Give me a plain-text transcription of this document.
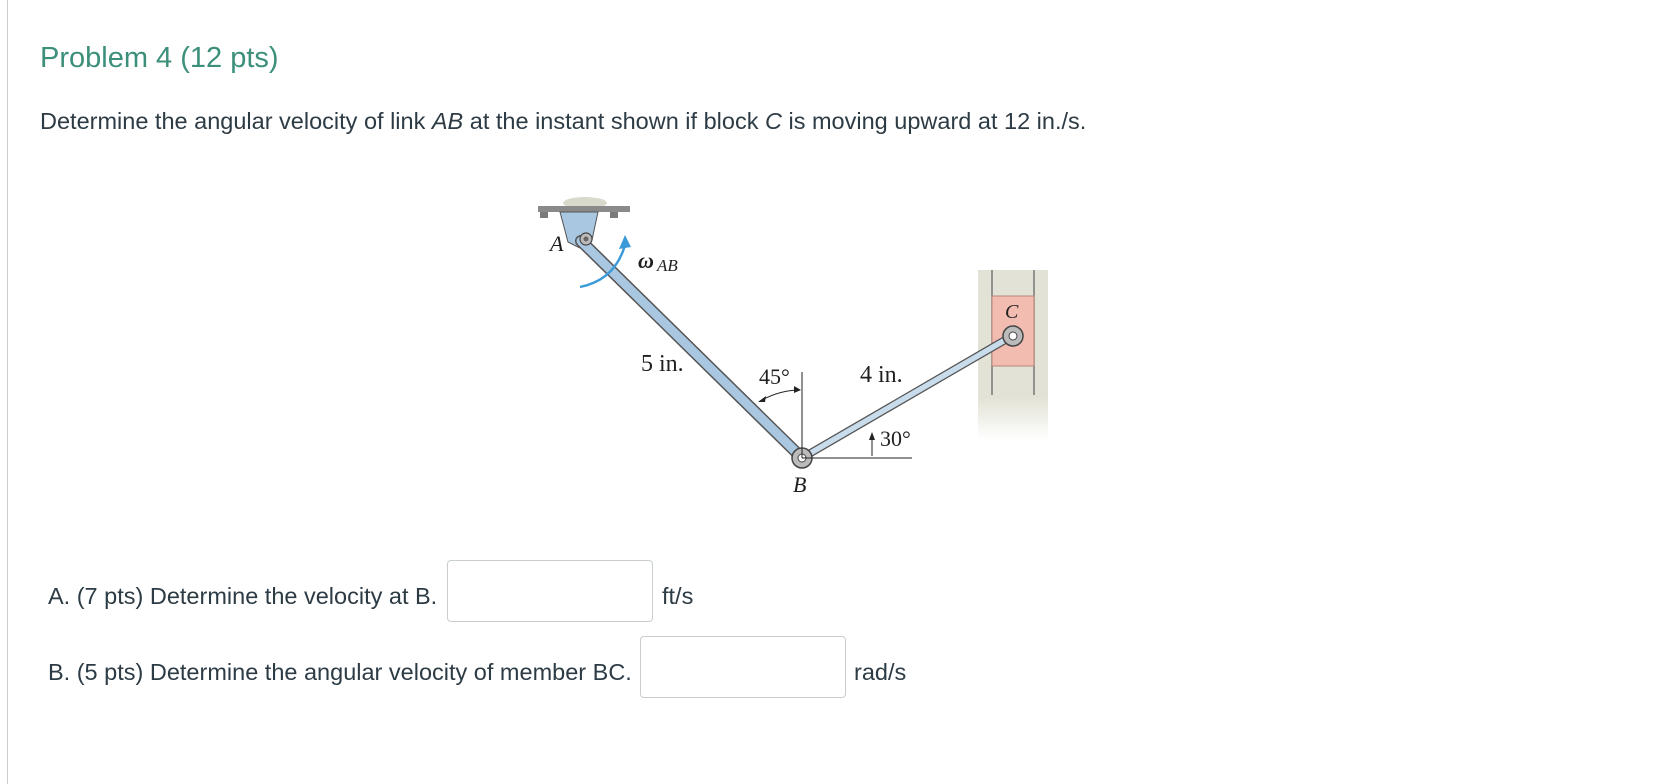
Problem 4 (12 pts)

Determine the angular velocity of link AB at the instant shown if block C is moving upward at 12 in./s.

A
ω AB
5 in.	45°	4 in.
30°
B
C
A. (7 pts) Determine the velocity at B.	ft/s
B. (5 pts) Determine the angular velocity of member BC.	rad/s
